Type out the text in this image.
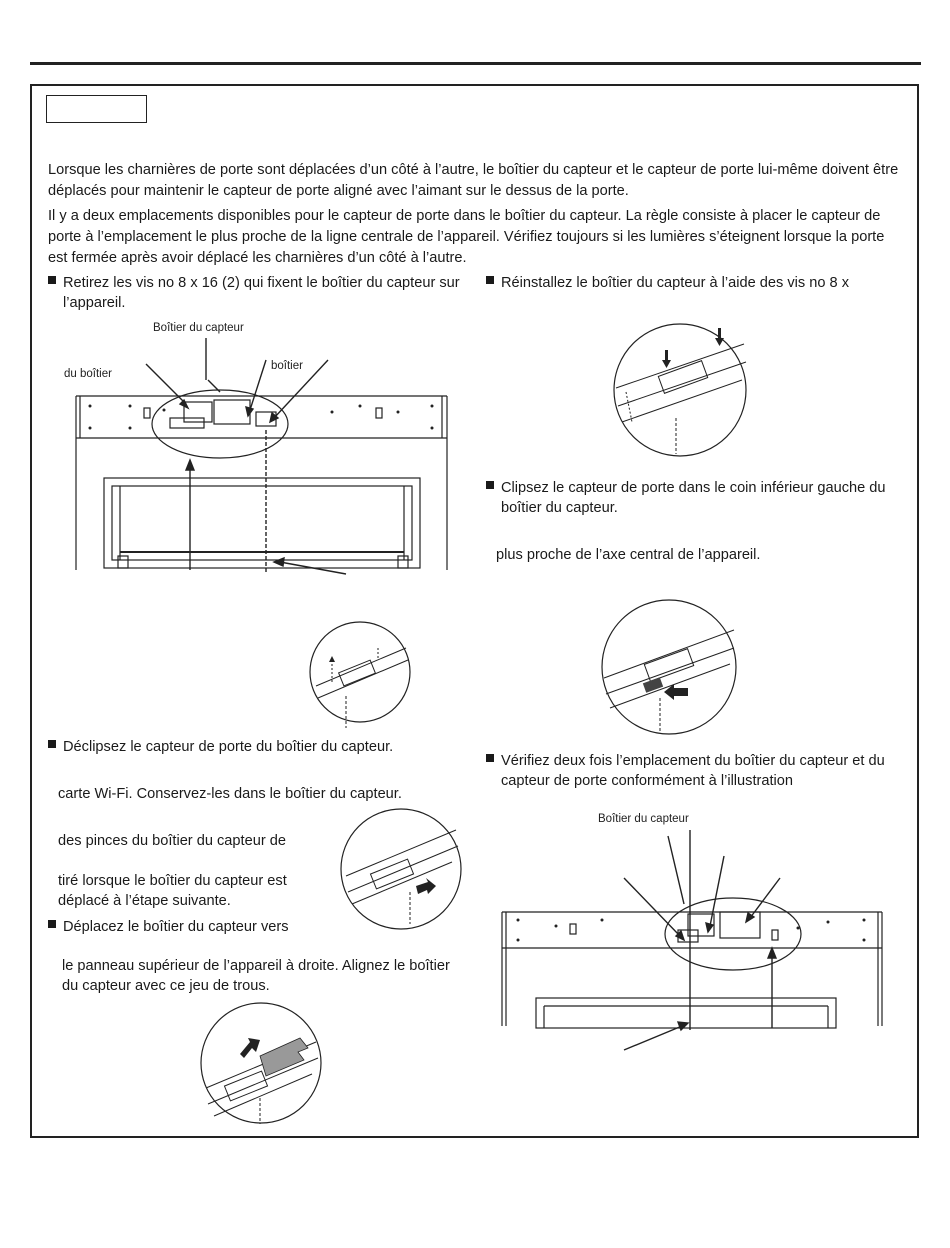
Lorsque les charnières de porte sont déplacées d’un côté à l’autre, le boîtier du capteur et le capteur de porte lui-même doivent être déplacés pour maintenir le capteur de porte aligné avec l’aimant sur le dessus de la porte.

Il y a deux emplacements disponibles pour le capteur de porte dans le boîtier du capteur. La règle consiste à placer le capteur de porte à l’emplacement le plus proche de la ligne centrale de l’appareil. Vérifiez toujours si les lumières s’éteignent lorsque la porte est fermée après avoir déplacé les charnières d’un côté à l’autre.

Retirez les vis no 8 x 16 (2) qui fixent le boîtier du capteur sur l’appareil.
Boîtier du capteur
du boîtier
boîtier
Déclipsez le capteur de porte du boîtier du capteur.

carte Wi-Fi. Conservez-les dans le boîtier du capteur.

des pinces du boîtier du capteur de

tiré lorsque le boîtier du capteur est déplacé à l’étape suivante.

Déplacez le boîtier du capteur vers

le panneau supérieur de l’appareil à droite. Alignez le boîtier du capteur avec ce jeu de trous.

Réinstallez le boîtier du capteur à l’aide des vis no 8 x
Clipsez le capteur de porte dans le coin inférieur gauche du boîtier du capteur.

plus proche de l’axe central de l’appareil.

Vérifiez deux fois l’emplacement du boîtier du capteur et du capteur de porte conformément à l’illustration
Boîtier du capteur
